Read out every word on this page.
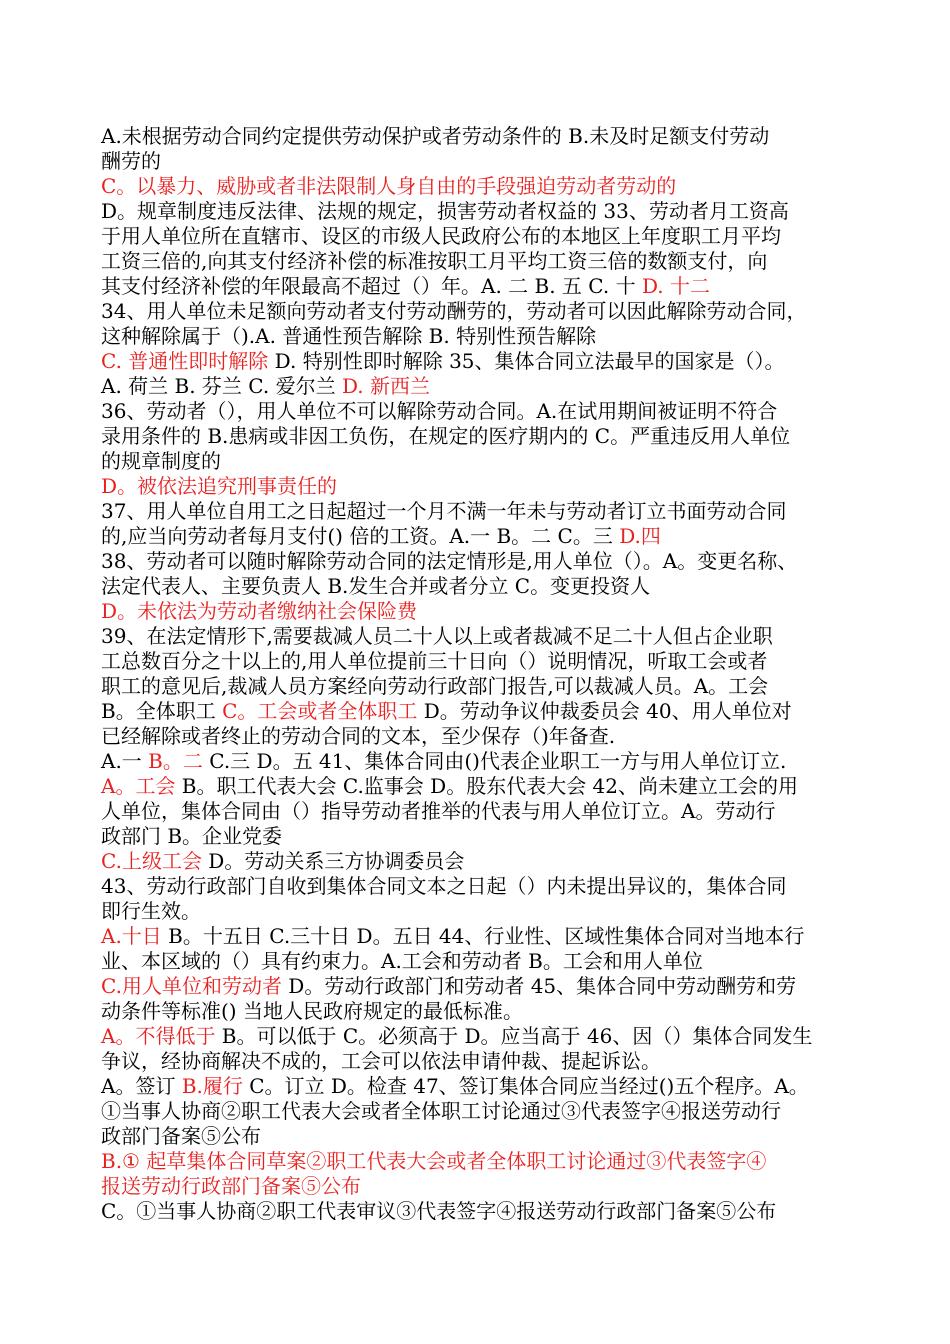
A.未根据劳动合同约定提供劳动保护或者劳动条件的 B.未及时足额支付劳动
酬劳的
C。以暴力、威胁或者非法限制人身自由的手段强迫劳动者劳动的
D。规章制度违反法律、法规的规定，损害劳动者权益的 33、劳动者月工资高
于用人单位所在直辖市、设区的市级人民政府公布的本地区上年度职工月平均
工资三倍的,向其支付经济补偿的标准按职工月平均工资三倍的数额支付，向
其支付经济补偿的年限最高不超过（）年。A. 二 B. 五 C. 十 D. 十二
34、用人单位未足额向劳动者支付劳动酬劳的，劳动者可以因此解除劳动合同，
这种解除属于（).A. 普通性预告解除 B. 特别性预告解除
C. 普通性即时解除 D. 特别性即时解除 35、集体合同立法最早的国家是（）。
A. 荷兰 B. 芬兰 C. 爱尔兰 D. 新西兰
36、劳动者（），用人单位不可以解除劳动合同。A.在试用期间被证明不符合
录用条件的 B.患病或非因工负伤，在规定的医疗期内的 C。严重违反用人单位
的规章制度的
D。被依法追究刑事责任的
37、用人单位自用工之日起超过一个月不满一年未与劳动者订立书面劳动合同
的,应当向劳动者每月支付() 倍的工资。A.一 B。二 C。三 D.四
38、劳动者可以随时解除劳动合同的法定情形是,用人单位（）。A。变更名称、
法定代表人、主要负责人 B.发生合并或者分立 C。变更投资人
D。未依法为劳动者缴纳社会保险费
39、在法定情形下,需要裁减人员二十人以上或者裁减不足二十人但占企业职
工总数百分之十以上的,用人单位提前三十日向（）说明情况，听取工会或者
职工的意见后,裁减人员方案经向劳动行政部门报告,可以裁减人员。A。工会
B。全体职工 C。工会或者全体职工 D。劳动争议仲裁委员会 40、用人单位对
已经解除或者终止的劳动合同的文本，至少保存（)年备查.
A.一 B。二 C.三 D。五 41、集体合同由()代表企业职工一方与用人单位订立.
A。工会 B。职工代表大会 C.监事会 D。股东代表大会 42、尚未建立工会的用
人单位，集体合同由（）指导劳动者推举的代表与用人单位订立。A。劳动行
政部门 B。企业党委
C.上级工会 D。劳动关系三方协调委员会
43、劳动行政部门自收到集体合同文本之日起（）内未提出异议的，集体合同
即行生效。
A.十日 B。十五日 C.三十日 D。五日 44、行业性、区域性集体合同对当地本行
业、本区域的（）具有约束力。A.工会和劳动者 B。工会和用人单位
C.用人单位和劳动者 D。劳动行政部门和劳动者 45、集体合同中劳动酬劳和劳
动条件等标准() 当地人民政府规定的最低标准。
A。不得低于 B。可以低于 C。必须高于 D。应当高于 46、因（）集体合同发生
争议，经协商解决不成的，工会可以依法申请仲裁、提起诉讼。
A。签订 B.履行 C。订立 D。检查 47、签订集体合同应当经过()五个程序。A。
①当事人协商②职工代表大会或者全体职工讨论通过③代表签字④报送劳动行
政部门备案⑤公布
B.① 起草集体合同草案②职工代表大会或者全体职工讨论通过③代表签字④
报送劳动行政部门备案⑤公布
C。①当事人协商②职工代表审议③代表签字④报送劳动行政部门备案⑤公布
